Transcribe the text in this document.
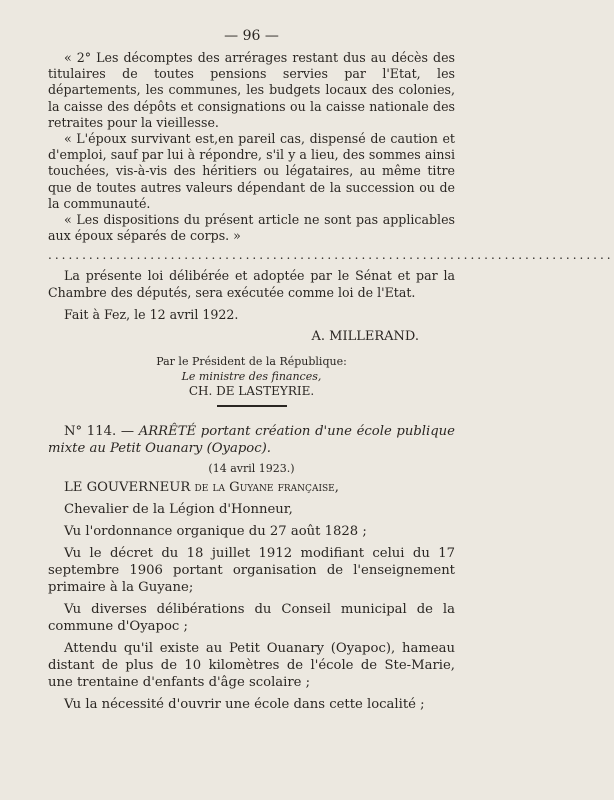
— 96 —

« 2° Les décomptes des arrérages restant dus au décès des titulaires de toutes pensions servies par l'Etat, les départements, les communes, les budgets locaux des colonies, la caisse des dépôts et consignations ou la caisse nationale des retraites pour la vieillesse.

« L'époux survivant est,en pareil cas, dispensé de caution et d'emploi, sauf par lui à répondre, s'il y a lieu, des sommes ainsi touchées, vis-à-vis des héritiers ou légataires, au même titre que de toutes autres valeurs dépendant de la succession ou de la communauté.

« Les dispositions du présent article ne sont pas applicables aux époux séparés de corps. »

...................................................................................

La présente loi délibérée et adoptée par le Sénat et par la Chambre des députés, sera exécutée comme loi de l'Etat.

Fait à Fez, le 12 avril 1922.

A. MILLERAND.
Par le Président de la République:
Le ministre des finances,
CH. DE LASTEYRIE.

N° 114. — ARRÊTÉ portant création d'une école publique mixte au Petit Ouanary (Oyapoc).

(14 avril 1923.)

LE GOUVERNEUR de la Guyane française,

Chevalier de la Légion d'Honneur,

Vu l'ordonnance organique du 27 août 1828 ;

Vu le décret du 18 juillet 1912 modifiant celui du 17 septembre 1906 portant organisation de l'enseignement primaire à la Guyane;

Vu diverses délibérations du Conseil municipal de la commune d'Oyapoc ;

Attendu qu'il existe au Petit Ouanary (Oyapoc), hameau distant de plus de 10 kilomètres de l'école de Ste-Marie, une trentaine d'enfants d'âge scolaire ;

Vu la nécessité d'ouvrir une école dans cette localité ;
